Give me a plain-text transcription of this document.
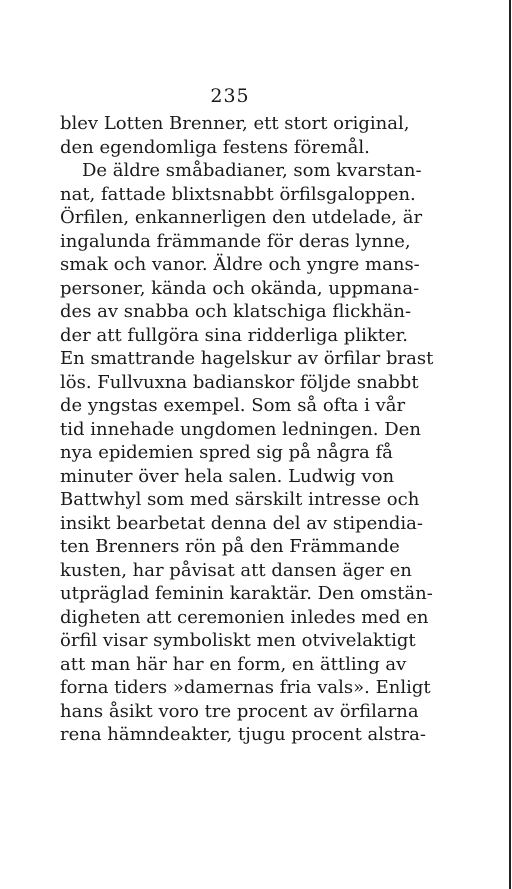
235
blev Lotten Brenner, ett stort original,
den egendomliga festens föremål.
De äldre småbadianer, som kvarstan-
nat, fattade blixtsnabbt örfilsgaloppen.
Örfilen, enkannerligen den utdelade, är
ingalunda främmande för deras lynne,
smak och vanor. Äldre och yngre mans-
personer, kända och okända, uppmana-
des av snabba och klatschiga flickhän-
der att fullgöra sina ridderliga plikter.
En smattrande hagelskur av örfilar brast
lös. Fullvuxna badianskor följde snabbt
de yngstas exempel. Som så ofta i vår
tid innehade ungdomen ledningen. Den
nya epidemien spred sig på några få
minuter över hela salen. Ludwig von
Battwhyl som med särskilt intresse och
insikt bearbetat denna del av stipendia-
ten Brenners rön på den Främmande
kusten, har påvisat att dansen äger en
utpräglad feminin karaktär. Den omstän-
digheten att ceremonien inledes med en
örfil visar symboliskt men otvivelaktigt
att man här har en form, en ättling av
forna tiders »damernas fria vals». Enligt
hans åsikt voro tre procent av örfilarna
rena hämndeakter, tjugu procent alstra-
